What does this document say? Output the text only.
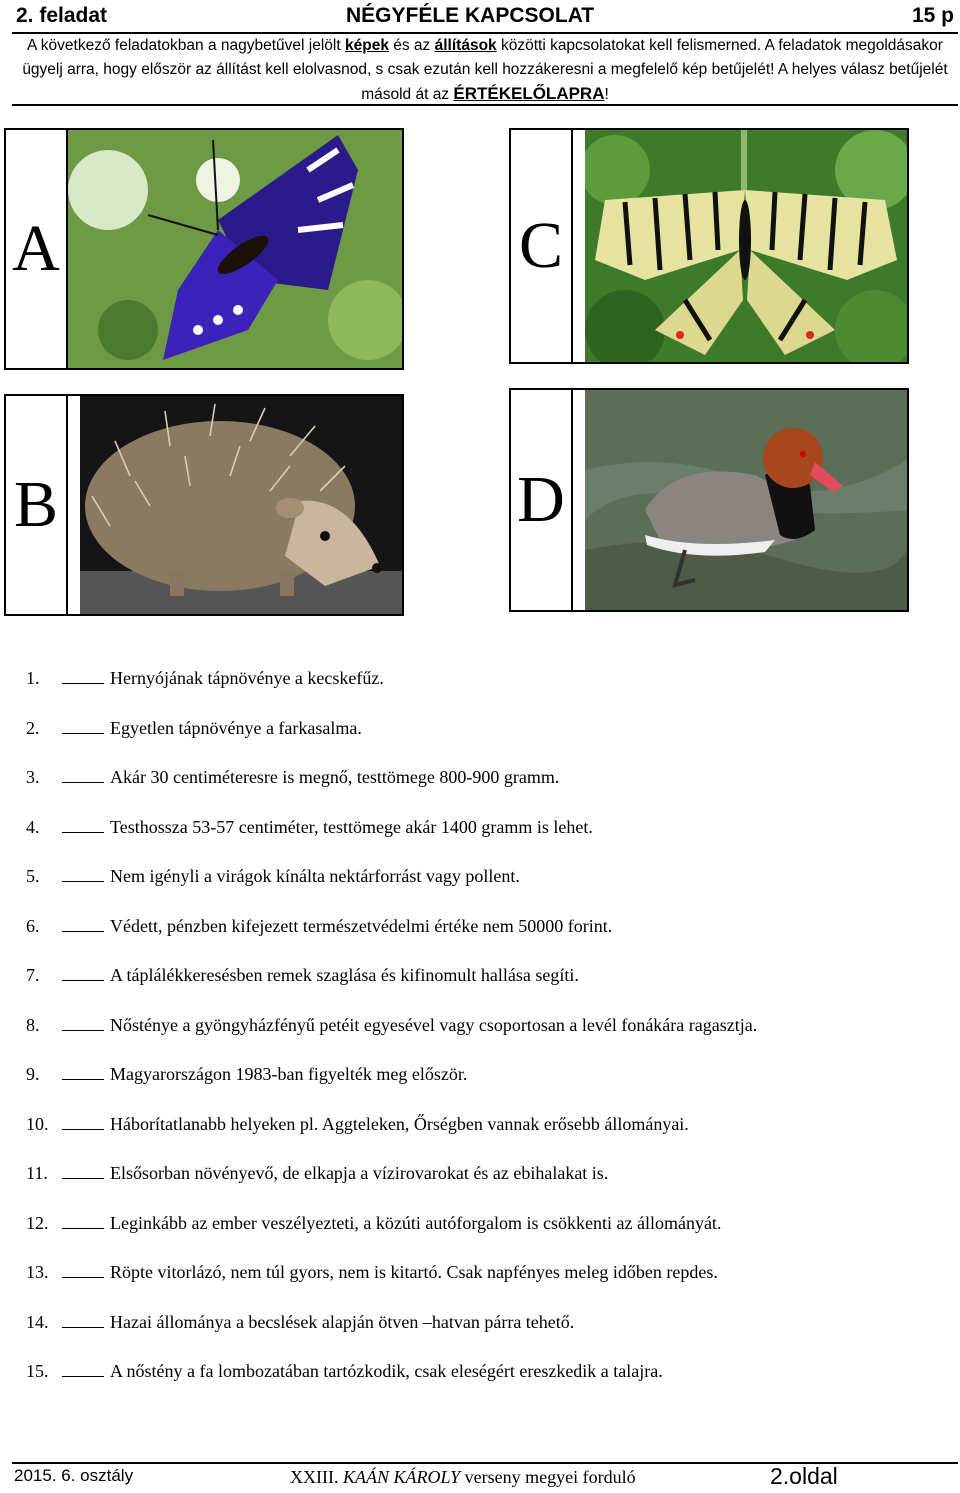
2. feladat	NÉGYFÉLE KAPCSOLAT	15 p
A következő feladatokban a nagybetűvel jelölt képek és az állítások közötti kapcsolatokat kell felismerned. A feladatok megoldásakor ügyelj arra, hogy először az állítást kell elolvasnod, s csak ezután kell hozzákeresni a megfelelő kép betűjelét! A helyes válasz betűjelét másold át az ÉRTÉKELŐLAPRA!
A	C
B	D
1.	Hernyójának tápnövénye a kecskefűz.
2.	Egyetlen tápnövénye a farkasalma.
3.	Akár 30 centiméteresre is megnő, testtömege 800-900 gramm.
4.	Testhossza 53-57 centiméter, testtömege akár 1400 gramm is lehet.
5.	Nem igényli a virágok kínálta nektárforrást vagy pollent.
6.	Védett, pénzben kifejezett természetvédelmi értéke nem 50000 forint.
7.	A táplálékkeresésben remek szaglása és kifinomult hallása segíti.
8.	Nősténye a gyöngyházfényű petéit egyesével vagy csoportosan a levél fonákára ragasztja.
9.	Magyarországon 1983-ban figyelték meg először.
10.	Háborítatlanabb helyeken pl. Aggteleken, Őrségben vannak erősebb állományai.
11.	Elsősorban növényevő, de elkapja a vízirovarokat és az ebihalakat is.
12.	Leginkább az ember veszélyezteti, a közúti autóforgalom is csökkenti az állományát.
13.	Röpte vitorlázó, nem túl gyors, nem is kitartó. Csak napfényes meleg időben repdes.
14.	Hazai állománya a becslések alapján ötven –hatvan párra tehető.
15.	A nőstény a fa lombozatában tartózkodik, csak eleségért ereszkedik a talajra.
2015. 6. osztály	XXIII. KAÁN KÁROLY verseny megyei forduló	2.oldal
